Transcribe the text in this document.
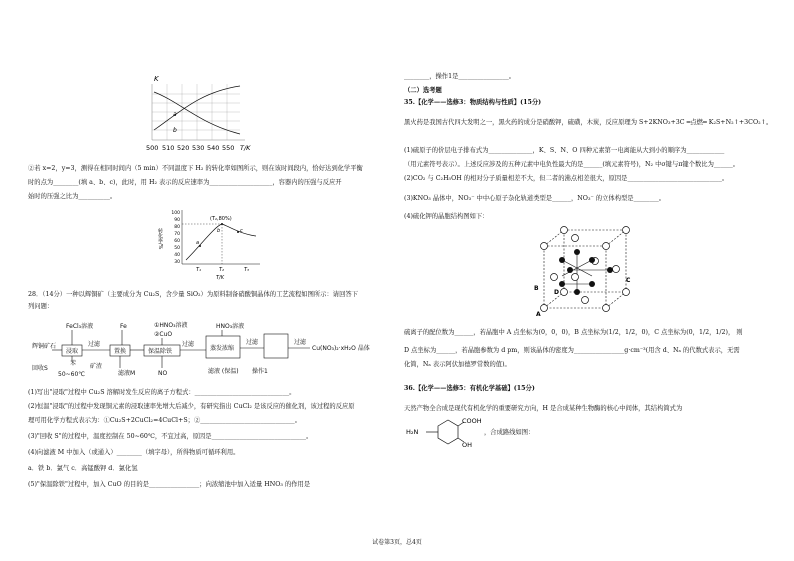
K
a
b
500 510 520 530 540 550 T/K
②若 x=2，y=3，测得在相同时间内（5 min）不同温度下 H₂ 的转化率如图所示，则在该时间段内，恰好达到化学平衡
时的点为________(填 a、b、c)，此时，用 H₂ 表示的反应速率为____________________，容器内的压强与反应开
始时的压强之比为__________。
转化率/%
100
90
80
70
60
50
40
30
(T₂,80%)
a
b	c
T₁	T₂	T₃
T/K
28．（14分）一种以辉铜矿（主要成分为 Cu₂S，含少量 SiO₂）为原料制备硝酸铜晶体的工艺流程如图所示：请回答下
列问题：
辉铜矿石
FeCl₃溶液
浸取
苯
50~60℃
回收S
过滤
矿渣
Fe
置换
滤液M
①HNO₃溶液
②CuO
保温除铁
NO
过滤
HNO₃溶液
蒸发浓缩
滤液 (保温)
过滤
操作1
过滤
Cu(NO₃)₂·xH₂O 晶体
(1)写出"浸取"过程中 Cu₂S 溶解时发生反应的离子方程式：______________________________。
(2)恒温"浸取"的过程中发现铜元素的浸取速率先增大后减少，有研究指出 CuCl₂ 是该反应的催化剂，该过程的反应原
理可用化学方程式表示为：①Cu₂S+2CuCl₂=4CuCl+S；②______________________________。
(3)"回收 S"的过程中，温度控制在 50~60℃，不宜过高，原因是______________________________。
(4)向滤液 M 中加入（或通入）________（填字母），所得物质可循环利用。
a．铁 b．氯气 c．高锰酸钾 d．氯化氢
(5)"保温除铁"过程中，加入 CuO 的目的是________________；向浓缩池中加入适量 HNO₃ 的作用是
________，操作1是________________。
（二）选考题
35.【化学——选修3：物质结构与性质】(15分)
黑火药是我国古代四大发明之一，黑火药的成分是硝酸钾，硫磺，木炭，反应原理为 S+2KNO₃+3C ═点燃═ K₂S+N₂↑+3CO₂↑。
(1)硫原子的价层电子排布式为______________，K、S、N、O 四种元素第一电离能从大到小的顺序为____________
（用元素符号表示）。上述反应涉及的五种元素中电负性最大的是______(填元素符号)，N₂ 中σ键与π键个数比为______。
(2)CO₂ 与 C₂H₅OH 的相对分子质量相差不大，但二者的沸点相差很大，原因是______________________________。
(3)KNO₃ 晶体中，NO₃⁻ 中中心原子杂化轨道类型是______，NO₃⁻ 的立体构型是________。
(4)硫化钾的晶胞结构图如下：
A
B
C
D
硫离子的配位数为______，若晶胞中 A 点坐标为(0，0，0)，B 点坐标为(1/2，1/2，0)，C 点坐标为(0，1/2，1/2)， 则
D 点坐标为______，若晶胞参数为 d pm，则该晶体的密度为________________g·cm⁻³(用含 d、Nₐ 的代数式表示，无需
化简，Nₐ 表示阿伏加德罗常数的值)。
36.【化学——选修5：有机化学基础】(15分)
天然产物全合成是现代有机化学的重要研究方向，H 是合成某种生物酶的核心中间体，其结构简式为
H₂N
COOH
OH
，合成路线如图：
试卷第3页，总4页
